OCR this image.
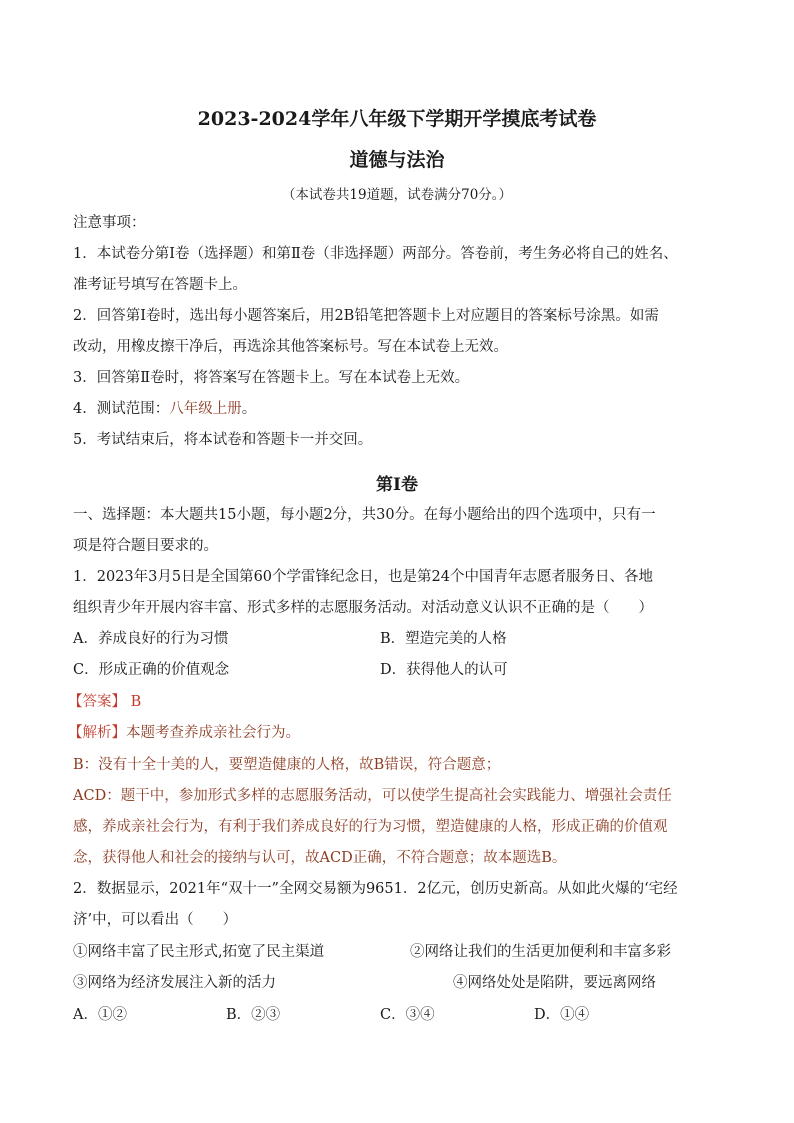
2023-2024学年八年级下学期开学摸底考试卷
道德与法治
（本试卷共19道题，试卷满分70分。）
注意事项：
1．本试卷分第Ⅰ卷（选择题）和第Ⅱ卷（非选择题）两部分。答卷前，考生务必将自己的姓名、
准考证号填写在答题卡上。
2．回答第Ⅰ卷时，选出每小题答案后，用2B铅笔把答题卡上对应题目的答案标号涂黑。如需
改动，用橡皮擦干净后，再选涂其他答案标号。写在本试卷上无效。
3．回答第Ⅱ卷时，将答案写在答题卡上。写在本试卷上无效。
4．测试范围：八年级上册。
5．考试结束后，将本试卷和答题卡一并交回。
第Ⅰ卷
一、选择题：本大题共15小题，每小题2分，共30分。在每小题给出的四个选项中，只有一
项是符合题目要求的。
1．2023年3月5日是全国第60个学雷锋纪念日，也是第24个中国青年志愿者服务日、各地
组织青少年开展内容丰富、形式多样的志愿服务活动。对活动意义认识不正确的是（　　）
A．养成良好的行为习惯	B．塑造完美的人格
C．形成正确的价值观念	D．获得他人的认可
【答案】 B
【解析】本题考查养成亲社会行为。
B：没有十全十美的人，要塑造健康的人格，故B错误，符合题意；
ACD：题干中，参加形式多样的志愿服务活动，可以使学生提高社会实践能力、增强社会责任
感，养成亲社会行为，有利于我们养成良好的行为习惯，塑造健康的人格，形成正确的价值观
念，获得他人和社会的接纳与认可，故ACD正确，不符合题意；故本题选B。
2．数据显示，2021年“双十一”全网交易额为9651．2亿元，创历史新高。从如此火爆的‘宅经
济’中，可以看出（　　）
①网络丰富了民主形式,拓宽了民主渠道	②网络让我们的生活更加便利和丰富多彩
③网络为经济发展注入新的活力	④网络处处是陷阱，要远离网络
A．①②	B．②③	C．③④	D．①④
